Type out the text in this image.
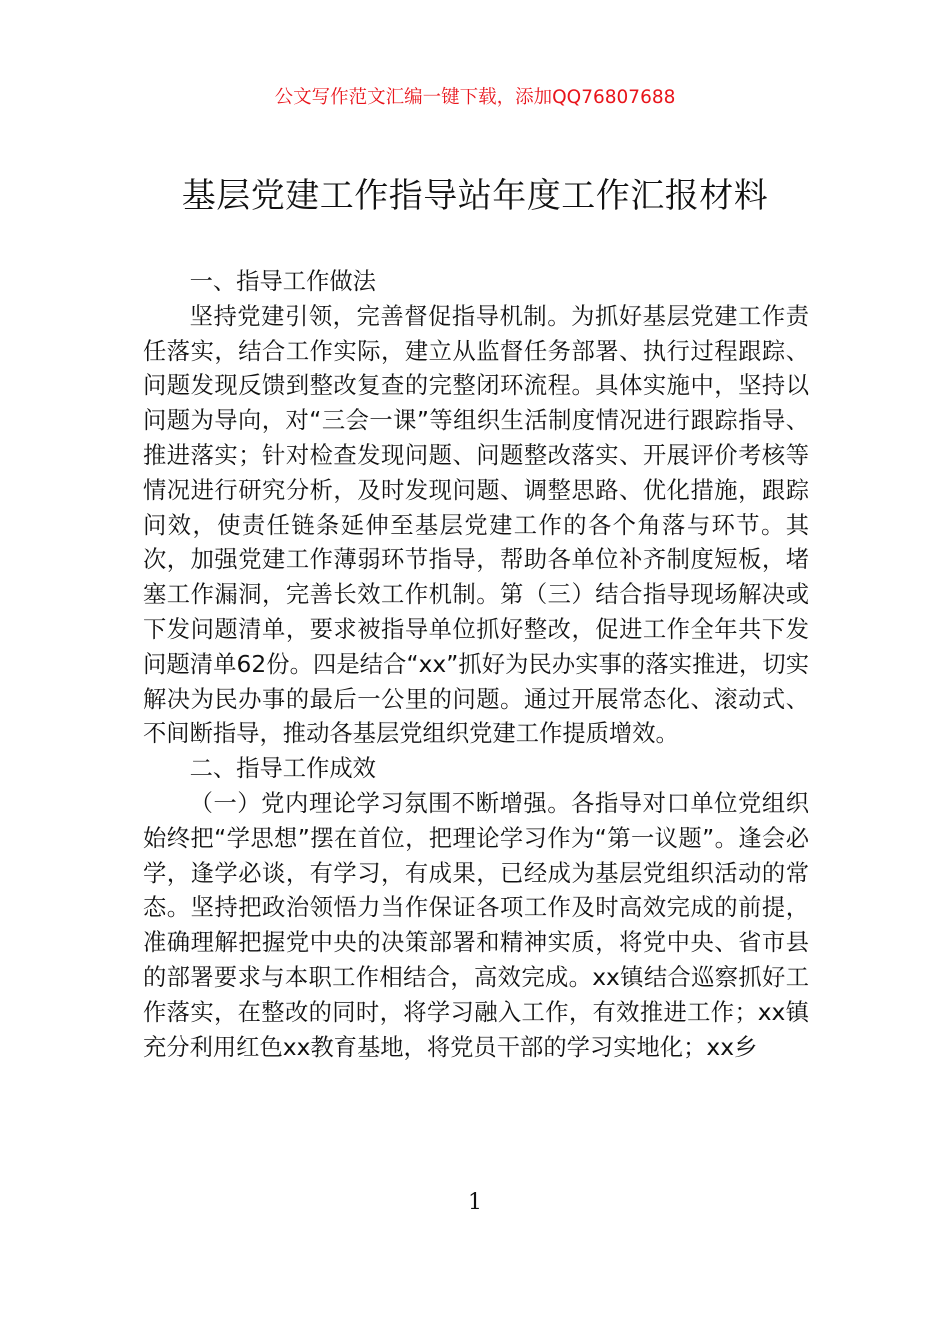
公文写作范文汇编一键下载，添加QQ76807688

基层党建工作指导站年度工作汇报材料

一、指导工作做法

坚持党建引领，完善督促指导机制。为抓好基层党建工作责任落实，结合工作实际，建立从监督任务部署、执行过程跟踪、问题发现反馈到整改复查的完整闭环流程。具体实施中，坚持以问题为导向，对“三会一课”等组织生活制度情况进行跟踪指导、推进落实；针对检查发现问题、问题整改落实、开展评价考核等情况进行研究分析，及时发现问题、调整思路、优化措施，跟踪问效，使责任链条延伸至基层党建工作的各个角落与环节。其次，加强党建工作薄弱环节指导，帮助各单位补齐制度短板，堵塞工作漏洞，完善长效工作机制。第（三）结合指导现场解决或下发问题清单，要求被指导单位抓好整改，促进工作全年共下发问题清单62份。四是结合“xx”抓好为民办实事的落实推进，切实解决为民办事的最后一公里的问题。通过开展常态化、滚动式、不间断指导，推动各基层党组织党建工作提质增效。

二、指导工作成效

（一）党内理论学习氛围不断增强。各指导对口单位党组织始终把“学思想”摆在首位，把理论学习作为“第一议题”。逢会必学，逢学必谈，有学习，有成果，已经成为基层党组织活动的常态。坚持把政治领悟力当作保证各项工作及时高效完成的前提，准确理解把握党中央的决策部署和精神实质，将党中央、省市县的部署要求与本职工作相结合，高效完成。xx镇结合巡察抓好工作落实，在整改的同时，将学习融入工作，有效推进工作；xx镇充分利用红色xx教育基地，将党员干部的学习实地化；xx乡

1
